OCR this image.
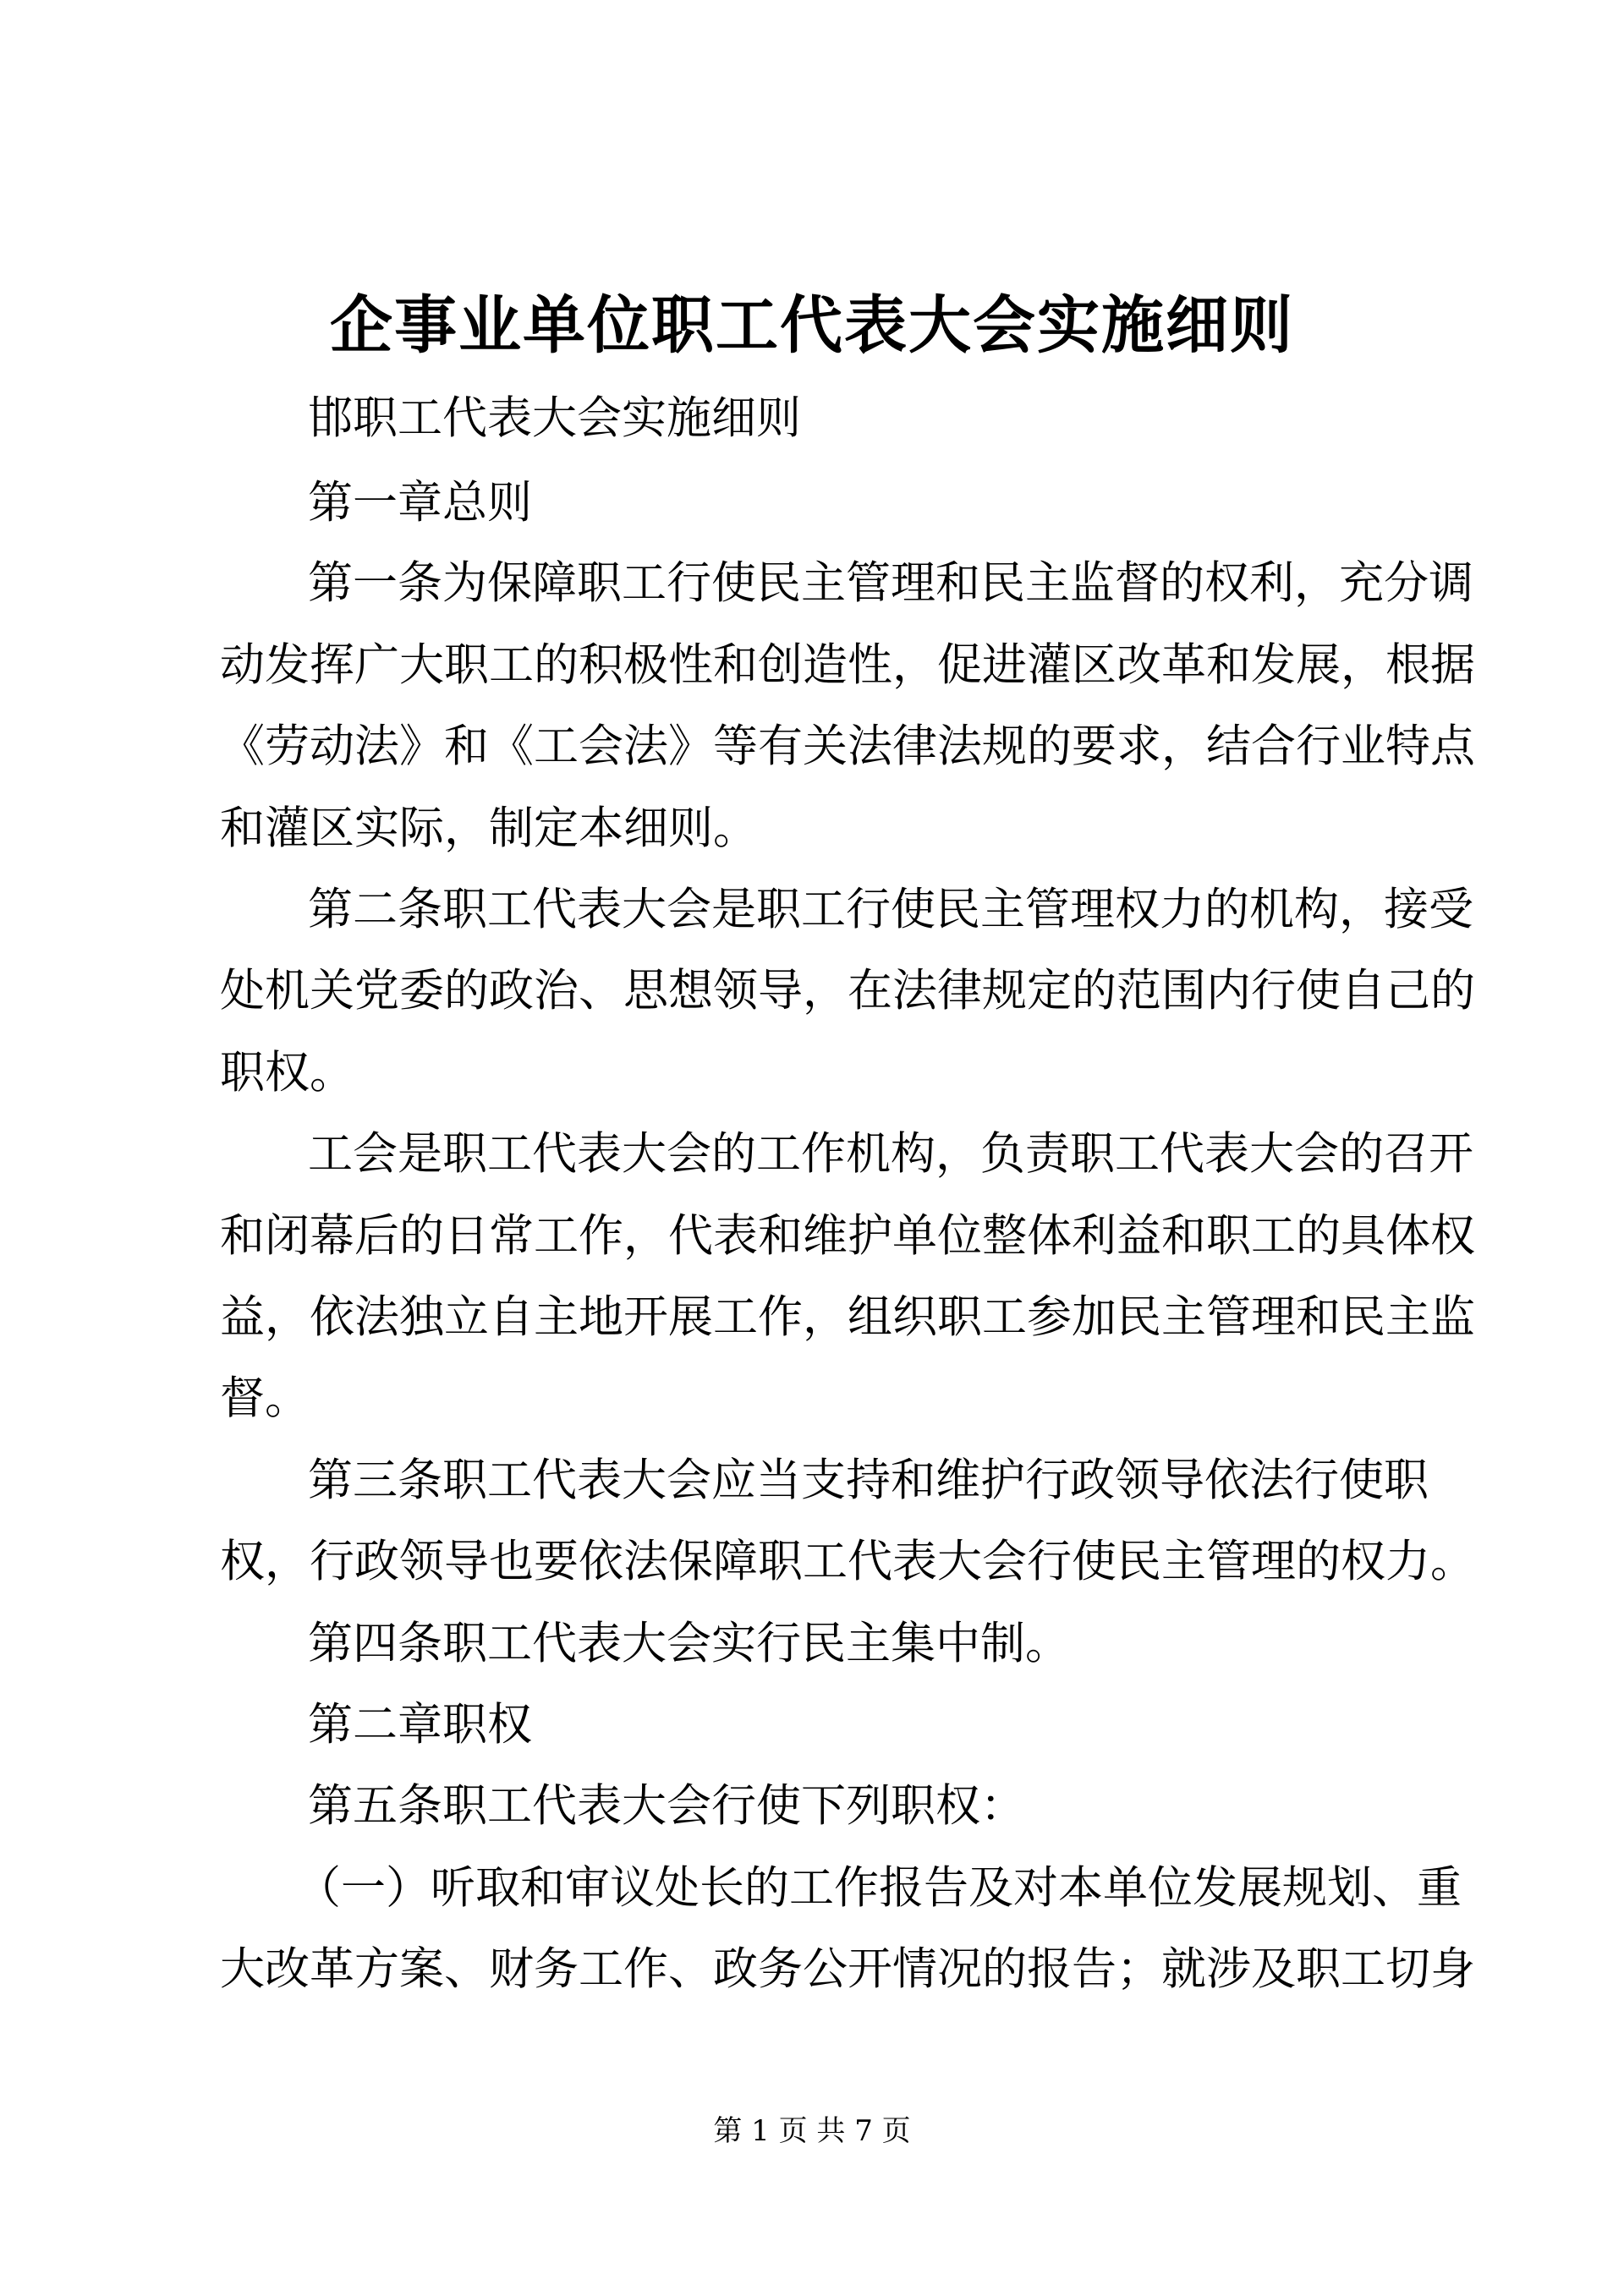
企事业单位职工代表大会实施细则
邯职工代表大会实施细则
第一章总则
第一条为保障职工行使民主管理和民主监督的权利，充分调
动发挥广大职工的积极性和创造性，促进灌区改革和发展，根据
《劳动法》和《工会法》等有关法律法规的要求，结合行业特点
和灌区实际，制定本细则。
第二条职工代表大会是职工行使民主管理权力的机构，接受
处机关党委的政治、思想领导，在法律规定的范围内行使自己的
职权。
工会是职工代表大会的工作机构，负责职工代表大会的召开
和闭幕后的日常工作，代表和维护单位整体利益和职工的具体权
益，依法独立自主地开展工作，组织职工参加民主管理和民主监
督。
第三条职工代表大会应当支持和维护行政领导依法行使职
权，行政领导也要依法保障职工代表大会行使民主管理的权力。
第四条职工代表大会实行民主集中制。
第二章职权
第五条职工代表大会行使下列职权：
（一）听取和审议处长的工作报告及对本单位发展规划、重
大改革方案、财务工作、政务公开情况的报告；就涉及职工切身
第 1 页 共 7 页
